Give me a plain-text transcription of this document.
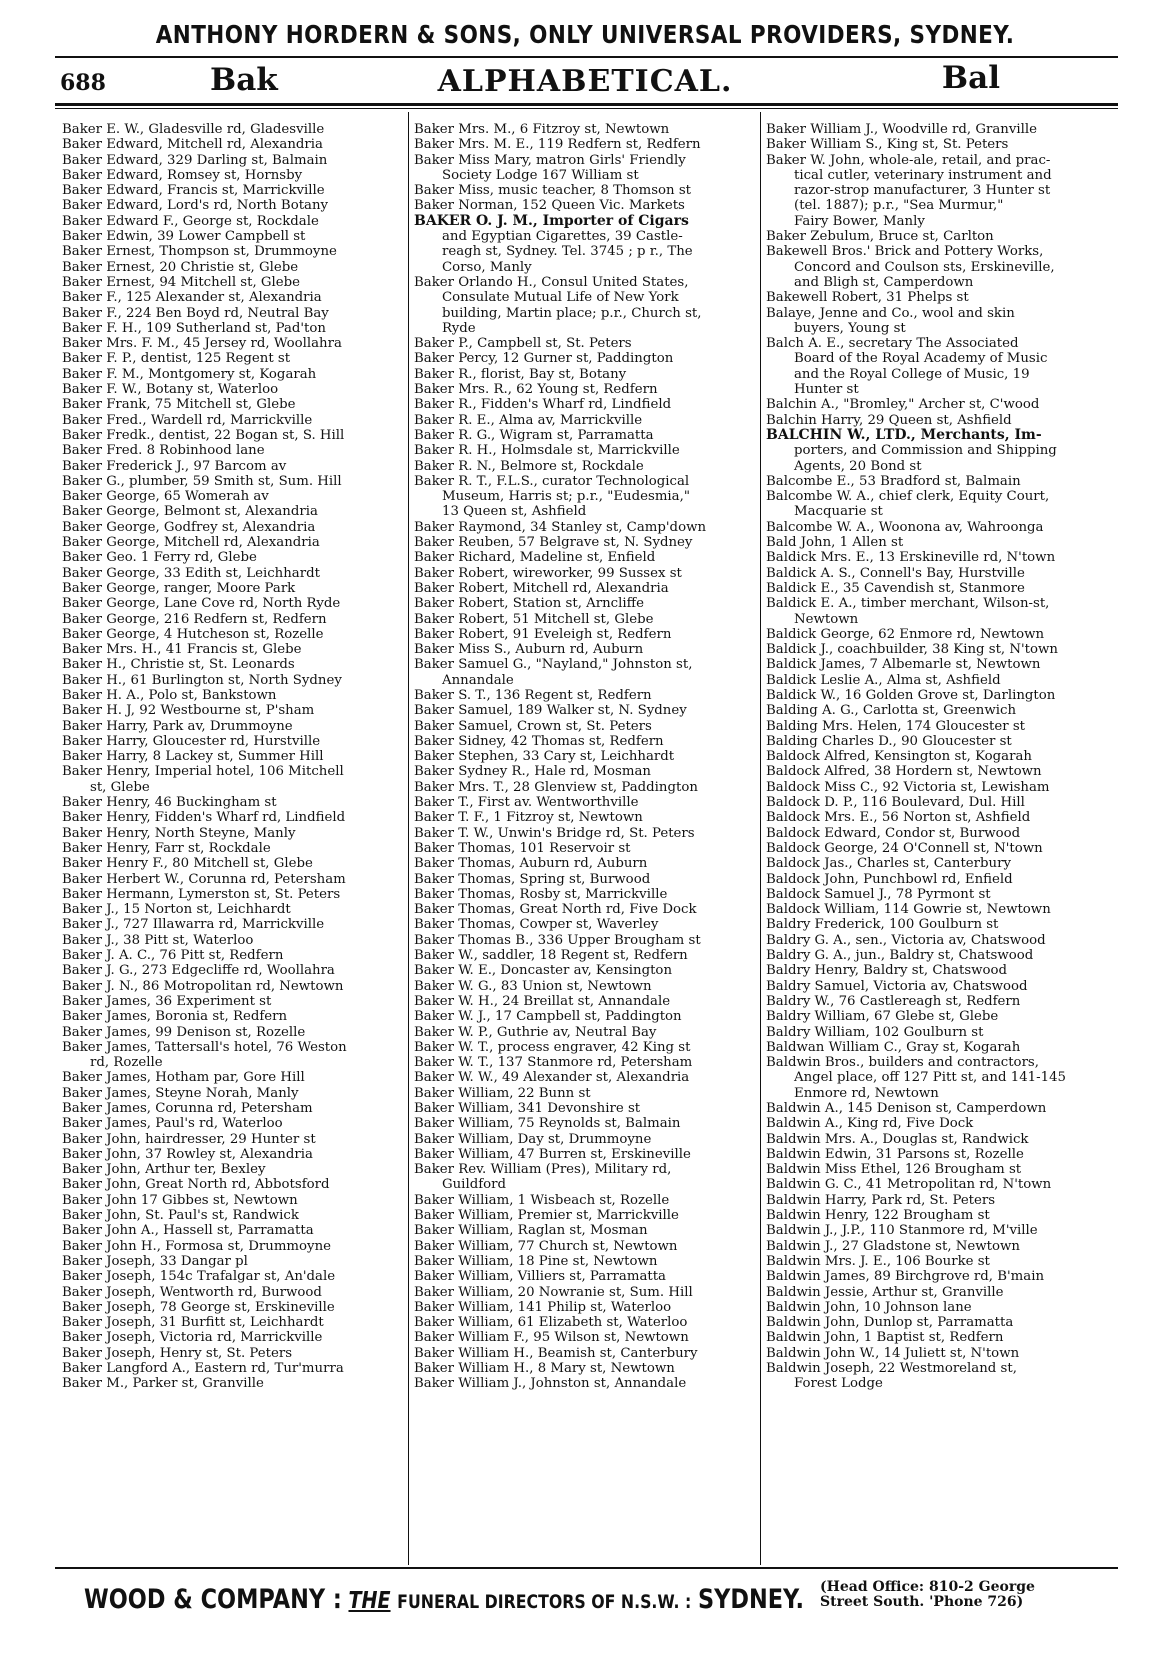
ANTHONY HORDERN & SONS, ONLY UNIVERSAL PROVIDERS, SYDNEY.
688	Bak	ALPHABETICAL.	Bal
Baker E. W., Gladesville rd, Gladesville
Baker Edward, Mitchell rd, Alexandria
Baker Edward, 329 Darling st, Balmain
Baker Edward, Romsey st, Hornsby
Baker Edward, Francis st, Marrickville
Baker Edward, Lord's rd, North Botany
Baker Edward F., George st, Rockdale
Baker Edwin, 39 Lower Campbell st
Baker Ernest, Thompson st, Drummoyne
Baker Ernest, 20 Christie st, Glebe
Baker Ernest, 94 Mitchell st, Glebe
Baker F., 125 Alexander st, Alexandria
Baker F., 224 Ben Boyd rd, Neutral Bay
Baker F. H., 109 Sutherland st, Pad'ton
Baker Mrs. F. M., 45 Jersey rd, Woollahra
Baker F. P., dentist, 125 Regent st
Baker F. M., Montgomery st, Kogarah
Baker F. W., Botany st, Waterloo
Baker Frank, 75 Mitchell st, Glebe
Baker Fred., Wardell rd, Marrickville
Baker Fredk., dentist, 22 Bogan st, S. Hill
Baker Fred. 8 Robinhood lane
Baker Frederick J., 97 Barcom av
Baker G., plumber, 59 Smith st, Sum. Hill
Baker George, 65 Womerah av
Baker George, Belmont st, Alexandria
Baker George, Godfrey st, Alexandria
Baker George, Mitchell rd, Alexandria
Baker Geo. 1 Ferry rd, Glebe
Baker George, 33 Edith st, Leichhardt
Baker George, ranger, Moore Park
Baker George, Lane Cove rd, North Ryde
Baker George, 216 Redfern st, Redfern
Baker George, 4 Hutcheson st, Rozelle
Baker Mrs. H., 41 Francis st, Glebe
Baker H., Christie st, St. Leonards
Baker H., 61 Burlington st, North Sydney
Baker H. A., Polo st, Bankstown
Baker H. J, 92 Westbourne st, P'sham
Baker Harry, Park av, Drummoyne
Baker Harry, Gloucester rd, Hurstville
Baker Harry, 8 Lackey st, Summer Hill
Baker Henry, Imperial hotel, 106 Mitchell
st, Glebe
Baker Henry, 46 Buckingham st
Baker Henry, Fidden's Wharf rd, Lindfield
Baker Henry, North Steyne, Manly
Baker Henry, Farr st, Rockdale
Baker Henry F., 80 Mitchell st, Glebe
Baker Herbert W., Corunna rd, Petersham
Baker Hermann, Lymerston st, St. Peters
Baker J., 15 Norton st, Leichhardt
Baker J., 727 Illawarra rd, Marrickville
Baker J., 38 Pitt st, Waterloo
Baker J. A. C., 76 Pitt st, Redfern
Baker J. G., 273 Edgecliffe rd, Woollahra
Baker J. N., 86 Motropolitan rd, Newtown
Baker James, 36 Experiment st
Baker James, Boronia st, Redfern
Baker James, 99 Denison st, Rozelle
Baker James, Tattersall's hotel, 76 Weston
rd, Rozelle
Baker James, Hotham par, Gore Hill
Baker James, Steyne Norah, Manly
Baker James, Corunna rd, Petersham
Baker James, Paul's rd, Waterloo
Baker John, hairdresser, 29 Hunter st
Baker John, 37 Rowley st, Alexandria
Baker John, Arthur ter, Bexley
Baker John, Great North rd, Abbotsford
Baker John 17 Gibbes st, Newtown
Baker John, St. Paul's st, Randwick
Baker John A., Hassell st, Parramatta
Baker John H., Formosa st, Drummoyne
Baker Joseph, 33 Dangar pl
Baker Joseph, 154c Trafalgar st, An'dale
Baker Joseph, Wentworth rd, Burwood
Baker Joseph, 78 George st, Erskineville
Baker Joseph, 31 Burfitt st, Leichhardt
Baker Joseph, Victoria rd, Marrickville
Baker Joseph, Henry st, St. Peters
Baker Langford A., Eastern rd, Tur'murra
Baker M., Parker st, Granville
Baker Mrs. M., 6 Fitzroy st, Newtown
Baker Mrs. M. E., 119 Redfern st, Redfern
Baker Miss Mary, matron Girls' Friendly
Society Lodge 167 William st
Baker Miss, music teacher, 8 Thomson st
Baker Norman, 152 Queen Vic. Markets
BAKER O. J. M., Importer of Cigars
and Egyptian Cigarettes, 39 Castle-
reagh st, Sydney. Tel. 3745 ; p r., The
Corso, Manly
Baker Orlando H., Consul United States,
Consulate Mutual Life of New York
building, Martin place; p.r., Church st,
Ryde
Baker P., Campbell st, St. Peters
Baker Percy, 12 Gurner st, Paddington
Baker R., florist, Bay st, Botany
Baker Mrs. R., 62 Young st, Redfern
Baker R., Fidden's Wharf rd, Lindfield
Baker R. E., Alma av, Marrickville
Baker R. G., Wigram st, Parramatta
Baker R. H., Holmsdale st, Marrickville
Baker R. N., Belmore st, Rockdale
Baker R. T., F.L.S., curator Technological
Museum, Harris st; p.r., "Eudesmia,"
13 Queen st, Ashfield
Baker Raymond, 34 Stanley st, Camp'down
Baker Reuben, 57 Belgrave st, N. Sydney
Baker Richard, Madeline st, Enfield
Baker Robert, wireworker, 99 Sussex st
Baker Robert, Mitchell rd, Alexandria
Baker Robert, Station st, Arncliffe
Baker Robert, 51 Mitchell st, Glebe
Baker Robert, 91 Eveleigh st, Redfern
Baker Miss S., Auburn rd, Auburn
Baker Samuel G., "Nayland," Johnston st,
Annandale
Baker S. T., 136 Regent st, Redfern
Baker Samuel, 189 Walker st, N. Sydney
Baker Samuel, Crown st, St. Peters
Baker Sidney, 42 Thomas st, Redfern
Baker Stephen, 33 Cary st, Leichhardt
Baker Sydney R., Hale rd, Mosman
Baker Mrs. T., 28 Glenview st, Paddington
Baker T., First av. Wentworthville
Baker T. F., 1 Fitzroy st, Newtown
Baker T. W., Unwin's Bridge rd, St. Peters
Baker Thomas, 101 Reservoir st
Baker Thomas, Auburn rd, Auburn
Baker Thomas, Spring st, Burwood
Baker Thomas, Rosby st, Marrickville
Baker Thomas, Great North rd, Five Dock
Baker Thomas, Cowper st, Waverley
Baker Thomas B., 336 Upper Brougham st
Baker W., saddler, 18 Regent st, Redfern
Baker W. E., Doncaster av, Kensington
Baker W. G., 83 Union st, Newtown
Baker W. H., 24 Breillat st, Annandale
Baker W. J., 17 Campbell st, Paddington
Baker W. P., Guthrie av, Neutral Bay
Baker W. T., process engraver, 42 King st
Baker W. T., 137 Stanmore rd, Petersham
Baker W. W., 49 Alexander st, Alexandria
Baker William, 22 Bunn st
Baker William, 341 Devonshire st
Baker William, 75 Reynolds st, Balmain
Baker William, Day st, Drummoyne
Baker William, 47 Burren st, Erskineville
Baker Rev. William (Pres), Military rd,
Guildford
Baker William, 1 Wisbeach st, Rozelle
Baker William, Premier st, Marrickville
Baker William, Raglan st, Mosman
Baker William, 77 Church st, Newtown
Baker William, 18 Pine st, Newtown
Baker William, Villiers st, Parramatta
Baker William, 20 Nowranie st, Sum. Hill
Baker William, 141 Philip st, Waterloo
Baker William, 61 Elizabeth st, Waterloo
Baker William F., 95 Wilson st, Newtown
Baker William H., Beamish st, Canterbury
Baker William H., 8 Mary st, Newtown
Baker William J., Johnston st, Annandale
Baker William J., Woodville rd, Granville
Baker William S., King st, St. Peters
Baker W. John, whole-ale, retail, and prac-
tical cutler, veterinary instrument and
razor-strop manufacturer, 3 Hunter st
(tel. 1887); p.r., "Sea Murmur,"
Fairy Bower, Manly
Baker Zebulum, Bruce st, Carlton
Bakewell Bros.' Brick and Pottery Works,
Concord and Coulson sts, Erskineville,
and Bligh st, Camperdown
Bakewell Robert, 31 Phelps st
Balaye, Jenne and Co., wool and skin
buyers, Young st
Balch A. E., secretary The Associated
Board of the Royal Academy of Music
and the Royal College of Music, 19
Hunter st
Balchin A., "Bromley," Archer st, C'wood
Balchin Harry, 29 Queen st, Ashfield
BALCHIN W., LTD., Merchants, Im-
porters, and Commission and Shipping
Agents, 20 Bond st
Balcombe E., 53 Bradford st, Balmain
Balcombe W. A., chief clerk, Equity Court,
Macquarie st
Balcombe W. A., Woonona av, Wahroonga
Bald John, 1 Allen st
Baldick Mrs. E., 13 Erskineville rd, N'town
Baldick A. S., Connell's Bay, Hurstville
Baldick E., 35 Cavendish st, Stanmore
Baldick E. A., timber merchant, Wilson-st,
Newtown
Baldick George, 62 Enmore rd, Newtown
Baldick J., coachbuilder, 38 King st, N'town
Baldick James, 7 Albemarle st, Newtown
Baldick Leslie A., Alma st, Ashfield
Baldick W., 16 Golden Grove st, Darlington
Balding A. G., Carlotta st, Greenwich
Balding Mrs. Helen, 174 Gloucester st
Balding Charles D., 90 Gloucester st
Baldock Alfred, Kensington st, Kogarah
Baldock Alfred, 38 Hordern st, Newtown
Baldock Miss C., 92 Victoria st, Lewisham
Baldock D. P., 116 Boulevard, Dul. Hill
Baldock Mrs. E., 56 Norton st, Ashfield
Baldock Edward, Condor st, Burwood
Baldock George, 24 O'Connell st, N'town
Baldock Jas., Charles st, Canterbury
Baldock John, Punchbowl rd, Enfield
Baldock Samuel J., 78 Pyrmont st
Baldock William, 114 Gowrie st, Newtown
Baldry Frederick, 100 Goulburn st
Baldry G. A., sen., Victoria av, Chatswood
Baldry G. A., jun., Baldry st, Chatswood
Baldry Henry, Baldry st, Chatswood
Baldry Samuel, Victoria av, Chatswood
Baldry W., 76 Castlereagh st, Redfern
Baldry William, 67 Glebe st, Glebe
Baldry William, 102 Goulburn st
Baldwan William C., Gray st, Kogarah
Baldwin Bros., builders and contractors,
Angel place, off 127 Pitt st, and 141-145
Enmore rd, Newtown
Baldwin A., 145 Denison st, Camperdown
Baldwin A., King rd, Five Dock
Baldwin Mrs. A., Douglas st, Randwick
Baldwin Edwin, 31 Parsons st, Rozelle
Baldwin Miss Ethel, 126 Brougham st
Baldwin G. C., 41 Metropolitan rd, N'town
Baldwin Harry, Park rd, St. Peters
Baldwin Henry, 122 Brougham st
Baldwin J., J.P., 110 Stanmore rd, M'ville
Baldwin J., 27 Gladstone st, Newtown
Baldwin Mrs. J. E., 106 Bourke st
Baldwin James, 89 Birchgrove rd, B'main
Baldwin Jessie, Arthur st, Granville
Baldwin John, 10 Johnson lane
Baldwin John, Dunlop st, Parramatta
Baldwin John, 1 Baptist st, Redfern
Baldwin John W., 14 Juliett st, N'town
Baldwin Joseph, 22 Westmoreland st,
Forest Lodge
WOOD & COMPANY : THE FUNERAL DIRECTORS OF N.S.W. : SYDNEY. (Head Office: 810-2 George
Street South. 'Phone 726)
